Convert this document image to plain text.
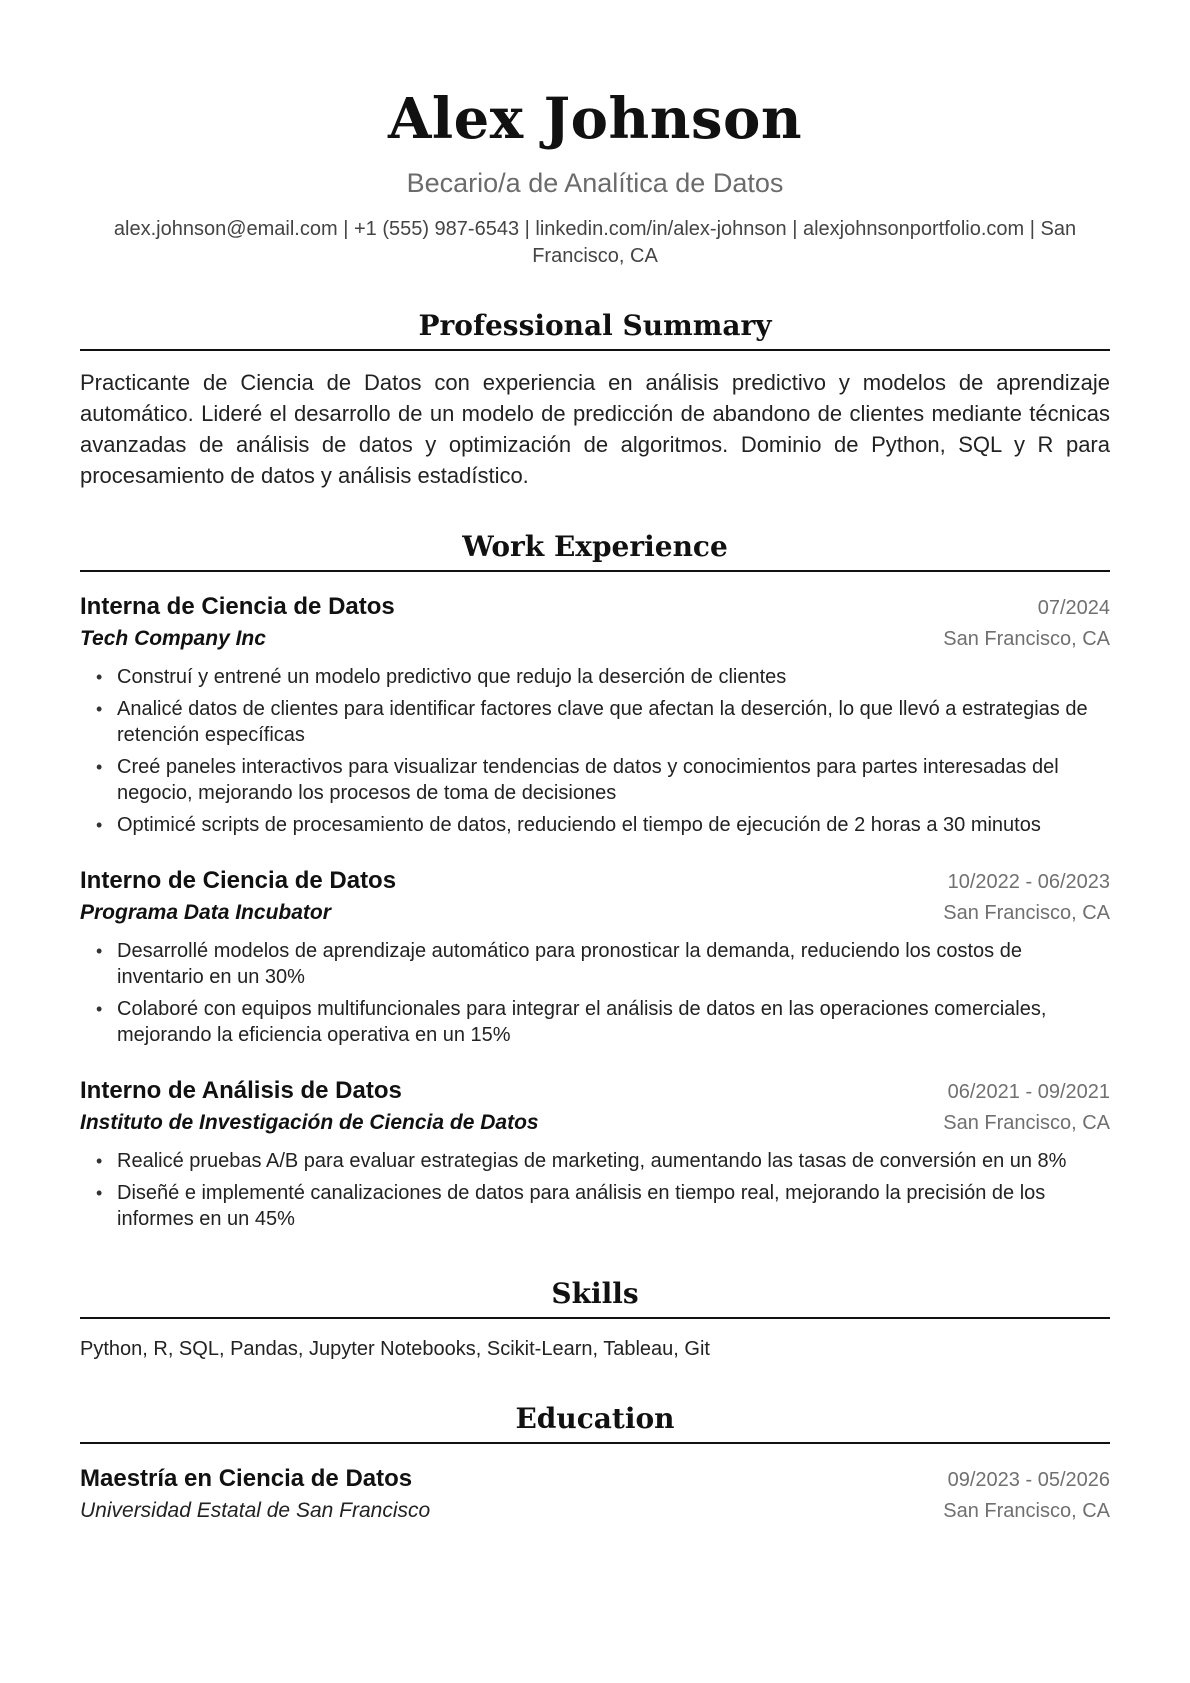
Alex Johnson
Becario/a de Analítica de Datos
alex.johnson@email.com | +1 (555) 987-6543 | linkedin.com/in/alex-johnson | alexjohnsonportfolio.com | San Francisco, CA
Professional Summary

Practicante de Ciencia de Datos con experiencia en análisis predictivo y modelos de aprendizaje automático. Lideré el desarrollo de un modelo de predicción de abandono de clientes mediante técnicas avanzadas de análisis de datos y optimización de algoritmos. Dominio de Python, SQL y R para procesamiento de datos y análisis estadístico.

Work Experience
Interna de Ciencia de Datos	07/2024
Tech Company Inc	San Francisco, CA
• Construí y entrené un modelo predictivo que redujo la deserción de clientes
• Analicé datos de clientes para identificar factores clave que afectan la deserción, lo que llevó a estrategias de retención específicas
• Creé paneles interactivos para visualizar tendencias de datos y conocimientos para partes interesadas del negocio, mejorando los procesos de toma de decisiones
• Optimicé scripts de procesamiento de datos, reduciendo el tiempo de ejecución de 2 horas a 30 minutos
Interno de Ciencia de Datos	10/2022 - 06/2023
Programa Data Incubator	San Francisco, CA
• Desarrollé modelos de aprendizaje automático para pronosticar la demanda, reduciendo los costos de inventario en un 30%
• Colaboré con equipos multifuncionales para integrar el análisis de datos en las operaciones comerciales, mejorando la eficiencia operativa en un 15%
Interno de Análisis de Datos	06/2021 - 09/2021
Instituto de Investigación de Ciencia de Datos	San Francisco, CA
• Realicé pruebas A/B para evaluar estrategias de marketing, aumentando las tasas de conversión en un 8%
• Diseñé e implementé canalizaciones de datos para análisis en tiempo real, mejorando la precisión de los informes en un 45%
Skills

Python, R, SQL, Pandas, Jupyter Notebooks, Scikit-Learn, Tableau, Git

Education
Maestría en Ciencia de Datos	09/2023 - 05/2026
Universidad Estatal de San Francisco	San Francisco, CA
